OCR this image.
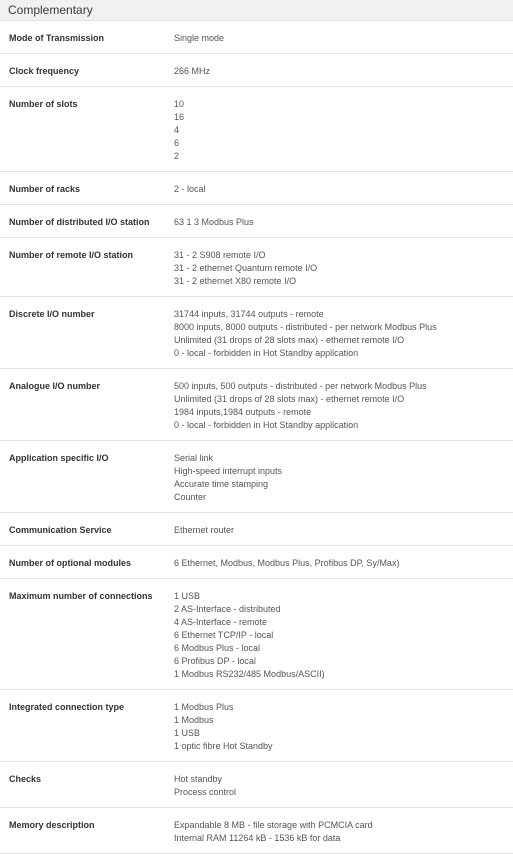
Complementary
Mode of Transmission	Single mode
Clock frequency	266 MHz
Number of slots	10
16
4
6
2
Number of racks	2 - local
Number of distributed I/O station	63 1 3 Modbus Plus
Number of remote I/O station	31 - 2 S908 remote I/O
31 - 2 ethernet Quantum remote I/O
31 - 2 ethernet X80 remote I/O
Discrete I/O number	31744 inputs, 31744 outputs - remote
8000 inputs, 8000 outputs - distributed - per network Modbus Plus
Unlimited (31 drops of 28 slots max) - ethernet remote I/O
0 - local - forbidden in Hot Standby application
Analogue I/O number	500 inputs, 500 outputs - distributed - per network Modbus Plus
Unlimited (31 drops of 28 slots max) - ethernet remote I/O
1984 inputs,1984 outputs - remote
0 - local - forbidden in Hot Standby application
Application specific I/O	Serial link
High-speed interrupt inputs
Accurate time stamping
Counter
Communication Service	Ethernet router
Number of optional modules	6 Ethernet, Modbus, Modbus Plus, Profibus DP, Sy/Max)
Maximum number of connections	1 USB
2 AS-Interface - distributed
4 AS-Interface - remote
6 Ethernet TCP/IP - local
6 Modbus Plus - local
6 Profibus DP - local
1 Modbus RS232/485 Modbus/ASCII)
Integrated connection type	1 Modbus Plus
1 Modbus
1 USB
1 optic fibre Hot Standby
Checks	Hot standby
Process control
Memory description	Expandable 8 MB - file storage with PCMCIA card
Internal RAM 11264 kB - 1536 kB for data
